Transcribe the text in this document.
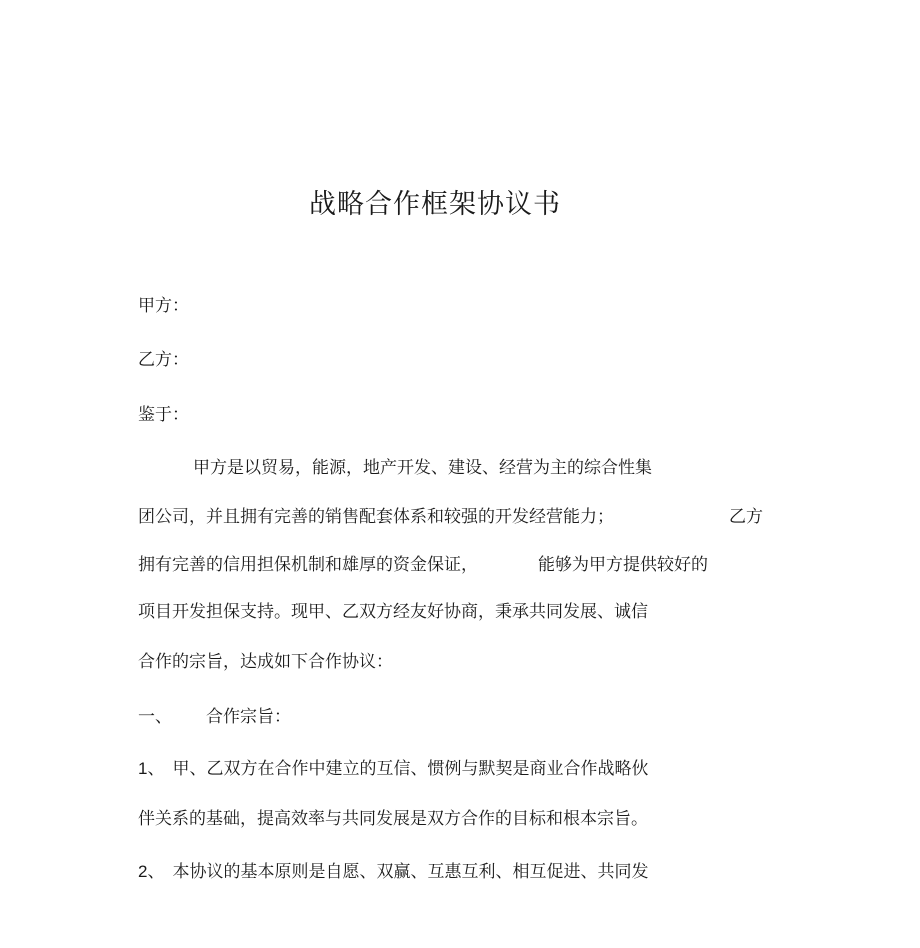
战略合作框架协议书
甲方：
乙方：
鉴于：
甲方是以贸易，能源，地产开发、建设、经营为主的综合性集
团公司，并且拥有完善的销售配套体系和较强的开发经营能力；	乙方
拥有完善的信用担保机制和雄厚的资金保证，	能够为甲方提供较好的
项目开发担保支持。现甲、乙双方经友好协商，秉承共同发展、诚信
合作的宗旨，达成如下合作协议：
一、 合作宗旨：
1、 甲、乙双方在合作中建立的互信、惯例与默契是商业合作战略伙
伴关系的基础，提高效率与共同发展是双方合作的目标和根本宗旨。
2、 本协议的基本原则是自愿、双赢、互惠互利、相互促进、共同发
